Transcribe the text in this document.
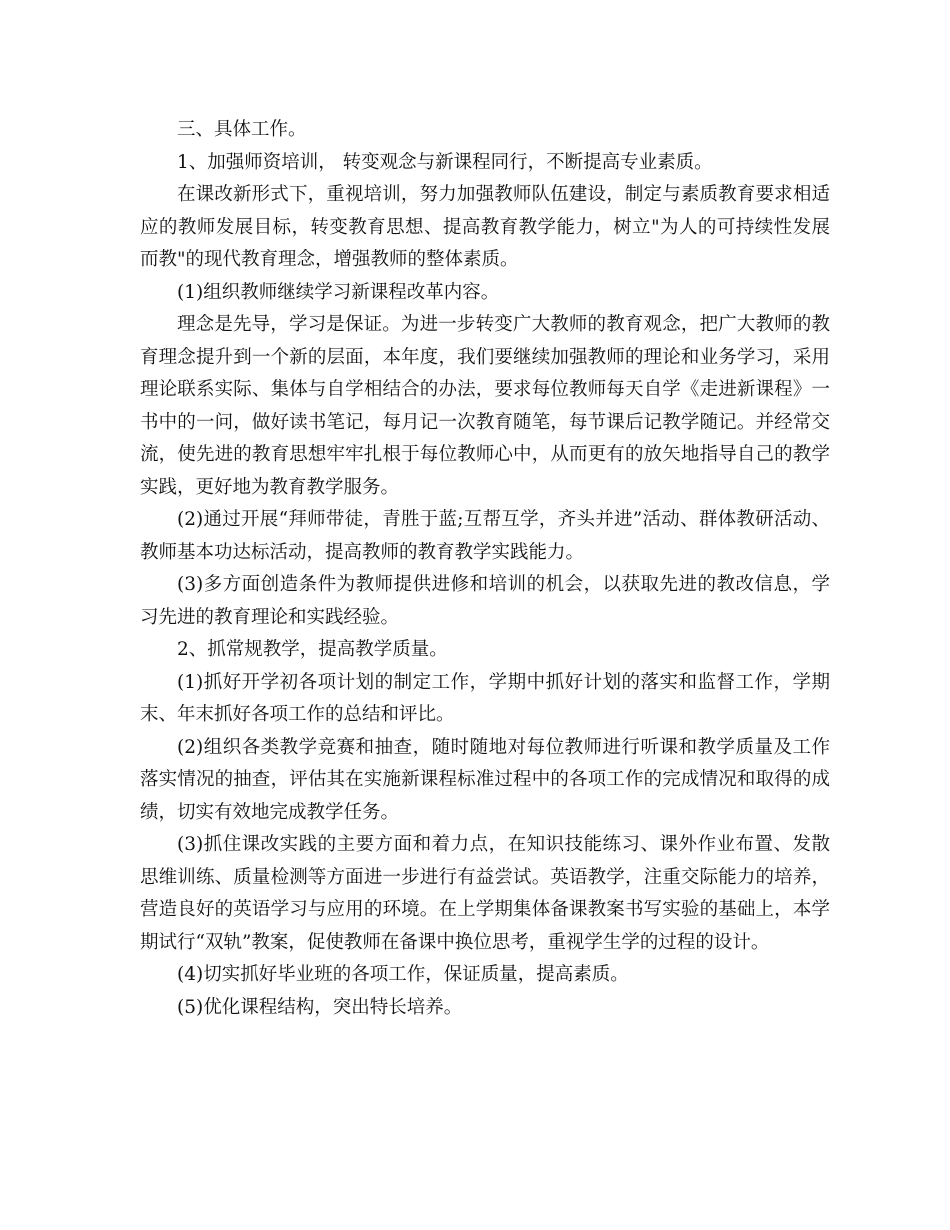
三、具体工作。

1、加强师资培训， 转变观念与新课程同行，不断提高专业素质。

在课改新形式下，重视培训，努力加强教师队伍建设，制定与素质教育要求相适应的教师发展目标，转变教育思想、提高教育教学能力，树立"为人的可持续性发展而教"的现代教育理念，增强教师的整体素质。

(1)组织教师继续学习新课程改革内容。

理念是先导，学习是保证。为进一步转变广大教师的教育观念，把广大教师的教育理念提升到一个新的层面，本年度，我们要继续加强教师的理论和业务学习，采用理论联系实际、集体与自学相结合的办法，要求每位教师每天自学《走进新课程》一书中的一问，做好读书笔记，每月记一次教育随笔，每节课后记教学随记。并经常交流，使先进的教育思想牢牢扎根于每位教师心中，从而更有的放矢地指导自己的教学实践，更好地为教育教学服务。

(2)通过开展“拜师带徒，青胜于蓝;互帮互学，齐头并进”活动、群体教研活动、教师基本功达标活动，提高教师的教育教学实践能力。

(3)多方面创造条件为教师提供进修和培训的机会，以获取先进的教改信息，学习先进的教育理论和实践经验。

2、抓常规教学，提高教学质量。

(1)抓好开学初各项计划的制定工作，学期中抓好计划的落实和监督工作，学期末、年末抓好各项工作的总结和评比。

(2)组织各类教学竞赛和抽查，随时随地对每位教师进行听课和教学质量及工作落实情况的抽查，评估其在实施新课程标准过程中的各项工作的完成情况和取得的成绩，切实有效地完成教学任务。

(3)抓住课改实践的主要方面和着力点，在知识技能练习、课外作业布置、发散思维训练、质量检测等方面进一步进行有益尝试。英语教学，注重交际能力的培养，营造良好的英语学习与应用的环境。在上学期集体备课教案书写实验的基础上，本学期试行“双轨”教案，促使教师在备课中换位思考，重视学生学的过程的设计。

(4)切实抓好毕业班的各项工作，保证质量，提高素质。

(5)优化课程结构，突出特长培养。
